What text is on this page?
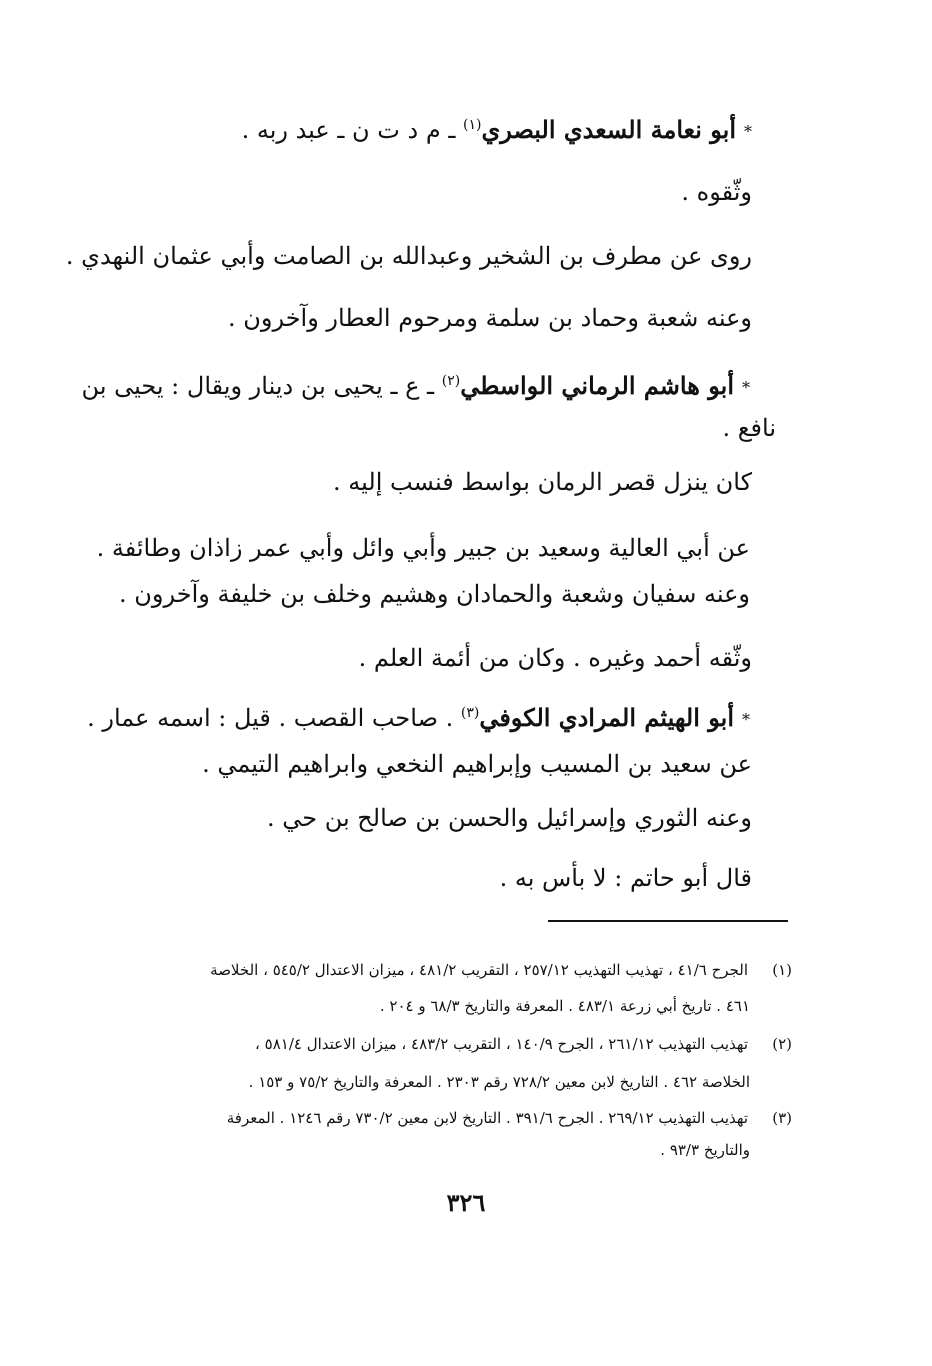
*أبو نعامة السعدي البصري$^{(١)}$ ـ م د ت ن ـ عبد ربه .
وثّقوه .
روى عن مطرف بن الشخير وعبدالله بن الصامت وأبي عثمان النهدي .
وعنه شعبة وحماد بن سلمة ومرحوم العطار وآخرون .
*أبو هاشم الرماني الواسطي$^{(٢)}$ ـ ع ـ يحيى بن دينار ويقال : يحيى بن
نافع .
كان ينزل قصر الرمان بواسط فنسب إليه .
عن أبي العالية وسعيد بن جبير وأبي وائل وأبي عمر زاذان وطائفة .
وعنه سفيان وشعبة والحمادان وهشيم وخلف بن خليفة وآخرون .
وثّقه أحمد وغيره . وكان من أئمة العلم .
*أبو الهيثم المرادي الكوفي$^{(٣)}$ . صاحب القصب . قيل : اسمه عمار .
عن سعيد بن المسيب وإبراهيم النخعي وابراهيم التيمي .
وعنه الثوري وإسرائيل والحسن بن صالح بن حي .
قال أبو حاتم : لا بأس به .
(١)
الجرح ٤١/٦ ، تهذيب التهذيب ٢٥٧/١٢ ، التقريب ٤٨١/٢ ، ميزان الاعتدال ٥٤٥/٢ ، الخلاصة
٤٦١ . تاريخ أبي زرعة ٤٨٣/١ . المعرفة والتاريخ ٦٨/٣ و ٢٠٤ .
(٢)
تهذيب التهذيب ٢٦١/١٢ ، الجرح ١٤٠/٩ ، التقريب ٤٨٣/٢ ، ميزان الاعتدال ٥٨١/٤ ،
الخلاصة ٤٦٢ . التاريخ لابن معين ٧٢٨/٢ رقم ٢٣٠٣ . المعرفة والتاريخ ٧٥/٢ و ١٥٣ .
(٣)
تهذيب التهذيب ٢٦٩/١٢ . الجرح ٣٩١/٦ . التاريخ لابن معين ٧٣٠/٢ رقم ١٢٤٦ . المعرفة
والتاريخ ٩٣/٣ .
٣٢٦
